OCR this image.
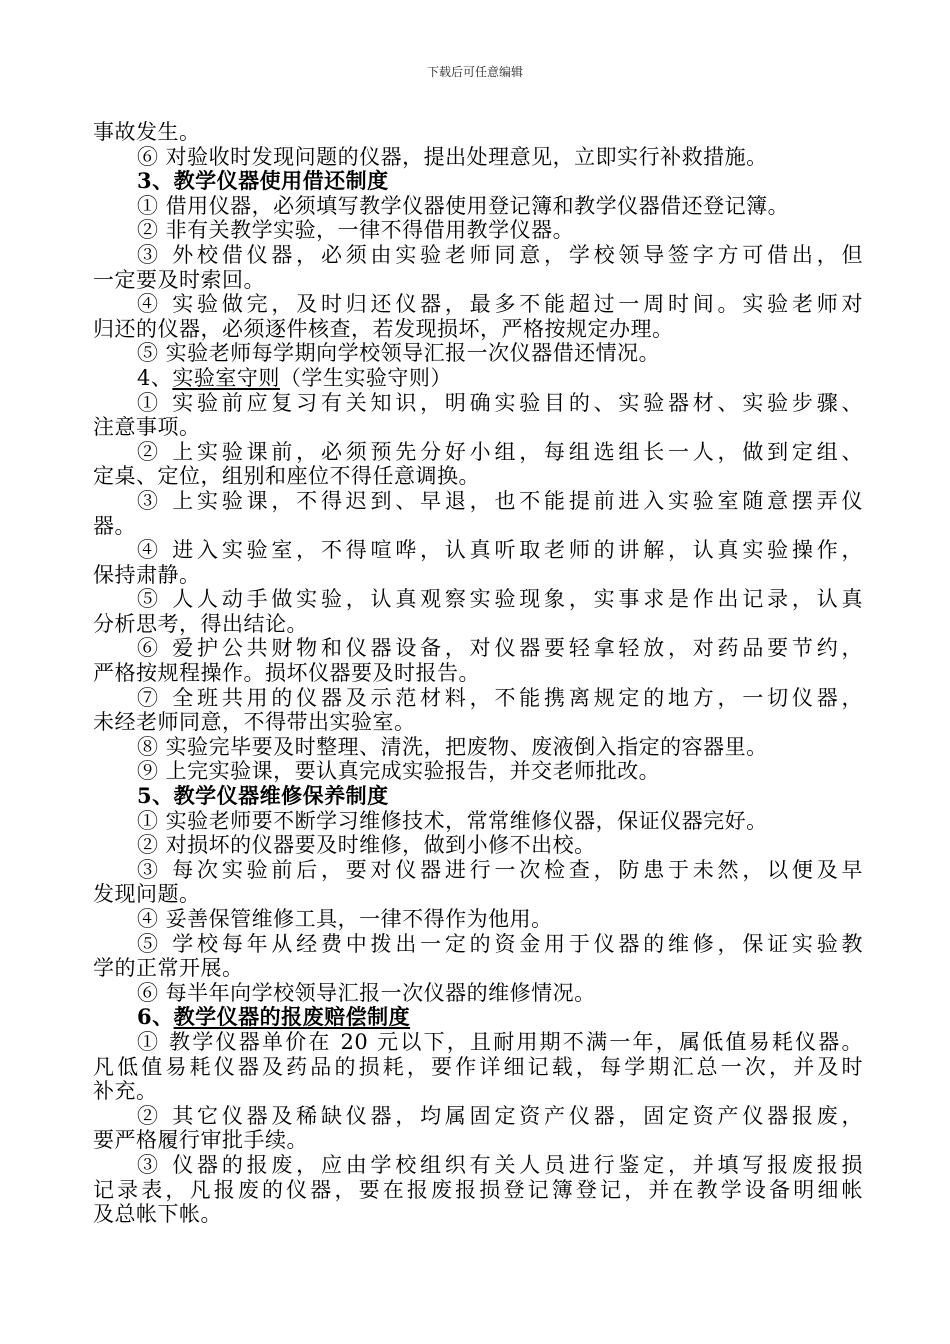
下载后可任意编辑
事故发生。
⑥ 对验收时发现问题的仪器，提出处理意见，立即实行补救措施。
3、教学仪器使用借还制度
① 借用仪器，必须填写教学仪器使用登记簿和教学仪器借还登记簿。
② 非有关教学实验，一律不得借用教学仪器。
③ 外校借仪器，必须由实验老师同意，学校领导签字方可借出，但
一定要及时索回。
④ 实验做完，及时归还仪器，最多不能超过一周时间。实验老师对
归还的仪器，必须逐件核查，若发现损坏，严格按规定办理。
⑤ 实验老师每学期向学校领导汇报一次仪器借还情况。
4、实验室守则（学生实验守则）
① 实验前应复习有关知识，明确实验目的、实验器材、实验步骤、
注意事项。
② 上实验课前，必须预先分好小组，每组选组长一人，做到定组、
定桌、定位，组别和座位不得任意调换。
③ 上实验课，不得迟到、早退，也不能提前进入实验室随意摆弄仪
器。
④ 进入实验室，不得喧哗，认真听取老师的讲解，认真实验操作，
保持肃静。
⑤ 人人动手做实验，认真观察实验现象，实事求是作出记录，认真
分析思考，得出结论。
⑥ 爱护公共财物和仪器设备，对仪器要轻拿轻放，对药品要节约，
严格按规程操作。损坏仪器要及时报告。
⑦ 全班共用的仪器及示范材料，不能携离规定的地方，一切仪器，
未经老师同意，不得带出实验室。
⑧ 实验完毕要及时整理、清洗，把废物、废液倒入指定的容器里。
⑨ 上完实验课，要认真完成实验报告，并交老师批改。
5、教学仪器维修保养制度
① 实验老师要不断学习维修技术，常常维修仪器，保证仪器完好。
② 对损坏的仪器要及时维修，做到小修不出校。
③ 每次实验前后，要对仪器进行一次检查，防患于未然，以便及早
发现问题。
④ 妥善保管维修工具，一律不得作为他用。
⑤ 学校每年从经费中拨出一定的资金用于仪器的维修，保证实验教
学的正常开展。
⑥ 每半年向学校领导汇报一次仪器的维修情况。
6、教学仪器的报废赔偿制度
① 教学仪器单价在 20 元以下，且耐用期不满一年，属低值易耗仪器。
凡低值易耗仪器及药品的损耗，要作详细记载，每学期汇总一次，并及时
补充。
② 其它仪器及稀缺仪器，均属固定资产仪器，固定资产仪器报废，
要严格履行审批手续。
③ 仪器的报废，应由学校组织有关人员进行鉴定，并填写报废报损
记录表，凡报废的仪器，要在报废报损登记簿登记，并在教学设备明细帐
及总帐下帐。
